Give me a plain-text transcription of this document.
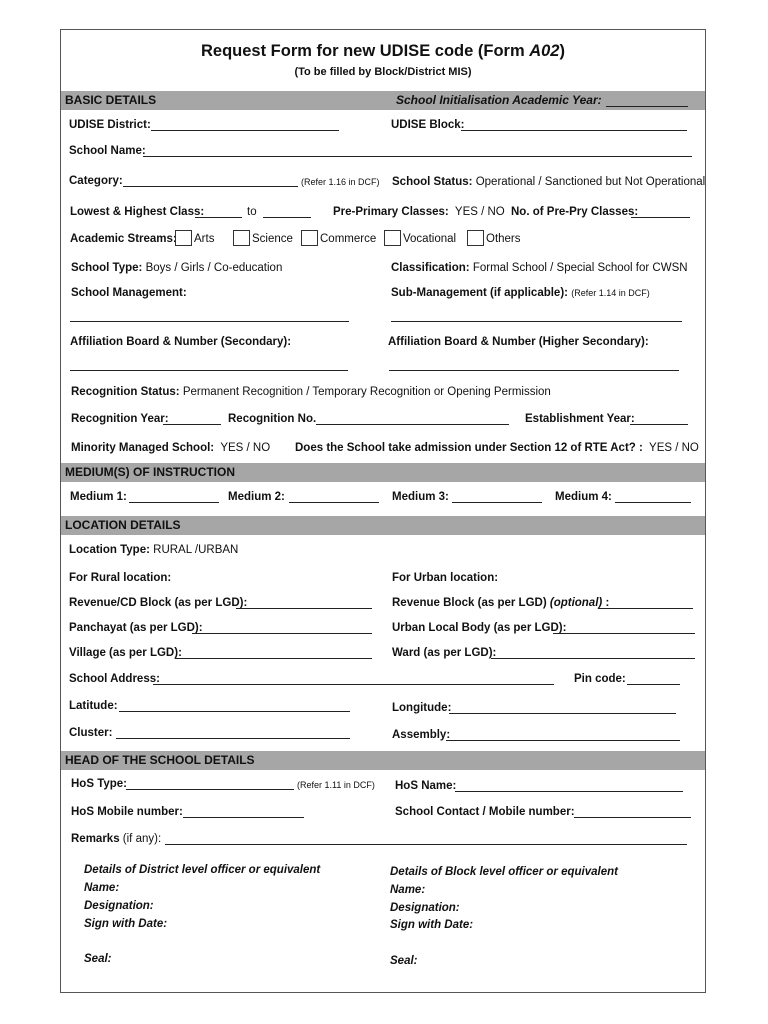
Request Form for new UDISE code (Form A02)
(To be filled by Block/District MIS)
BASIC DETAILS	School Initialisation Academic Year:
UDISE District:	UDISE Block:
School Name:
Category:	(Refer 1.16 in DCF) School Status: Operational / Sanctioned but Not Operational
Lowest & Highest Class:	to	Pre-Primary Classes: YES / NO No. of Pre-Pry Classes:
Academic Streams: Arts	Science Commerce Vocational	Others
School Type: Boys / Girls / Co-education	Classification: Formal School / Special School for CWSN
School Management:	Sub-Management (if applicable): (Refer 1.14 in DCF)
Affiliation Board & Number (Secondary):	Affiliation Board & Number (Higher Secondary):
Recognition Status: Permanent Recognition / Temporary Recognition or Opening Permission
Recognition Year:	Recognition No.	Establishment Year:
Minority Managed School: YES / NO Does the School take admission under Section 12 of RTE Act? : YES / NO
MEDIUM(S) OF INSTRUCTION
Medium 1:	Medium 2:	Medium 3:	Medium 4:
LOCATION DETAILS
Location Type: RURAL /URBAN
For Rural location:	For Urban location:
Revenue/CD Block (as per LGD):	Revenue Block (as per LGD) (optional) :
Panchayat (as per LGD):	Urban Local Body (as per LGD):
Village (as per LGD):	Ward (as per LGD):
School Address:	Pin code:
Latitude:	Longitude:
Cluster:	Assembly:
HEAD OF THE SCHOOL DETAILS
HoS Type:	(Refer 1.11 in DCF) HoS Name:
HoS Mobile number:	School Contact / Mobile number:
Remarks (if any):
Details of District level officer or equivalent
Name:
Designation:
Sign with Date:
Seal:
Details of Block level officer or equivalent
Name:
Designation:
Sign with Date:
Seal:
